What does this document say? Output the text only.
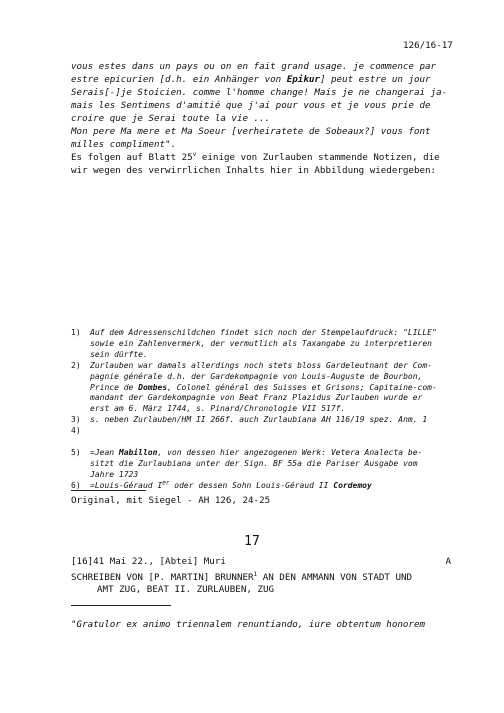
126/16-17
vous estes dans un pays ou on en fait grand usage. je commence par
estre epicurien [d.h. ein Anhänger von Epikur] peut estre un jour
Serais[-]je Stoicien. comme l'homme change! Mais je ne changerai ja-
mais les Sentimens d'amitié que j'ai pour vous et je vous prie de
croire que je Serai toute la vie ...
Mon pere Ma mere et Ma Soeur [verheiratete de Sobeaux?] vous font
milles compliment".
Es folgen auf Blatt 25$^v$ einige von Zurlauben stammende Notizen, die
wir wegen des verwirrlichen Inhalts hier in Abbildung wiedergeben:
1)	Auf dem Adressenschildchen findet sich noch der Stempelaufdruck: "LILLE"
sowie ein Zahlenvermerk, der vermutlich als Taxangabe zu interpretieren
sein dürfte.
2)	Zurlauben war damals allerdings noch stets bloss Gardeleutnant der Com-
pagnie générale d.h. der Gardekompagnie von Louis-Auguste de Bourbon,
Prince de Dombes, Colonel général des Suisses et Grisons; Capitaine-com-
mandant der Gardekompagnie von Beat Franz Plazidus Zurlauben wurde er
erst am 6. März 1744, s. Pinard/Chronologie VII 517f.
3)	s. neben Zurlauben/HM II 266f. auch Zurlaubiana AH 116/19 spez. Anm. 1
4)
5)	=Jean Mabillon, von dessen hier angezogenen Werk: Vetera Analecta be-
sitzt die Zurlaubiana unter der Sign. BF 55a die Pariser Ausgabe vom
Jahre 1723
6)	=Louis-Géraud Ier oder dessen Sohn Louis-Géraud II Cordemoy
Original, mit Siegel - AH 126, 24-25
17
[16]41 Mai 22., [Abtei] Muri	A
SCHREIBEN VON [P. MARTIN] BRUNNER$^1$ AN DEN AMMANN VON STADT UND
AMT ZUG, BEAT II. ZURLAUBEN, ZUG
"Gratulor ex animo triennalem renuntiando, iure obtentum honorem
